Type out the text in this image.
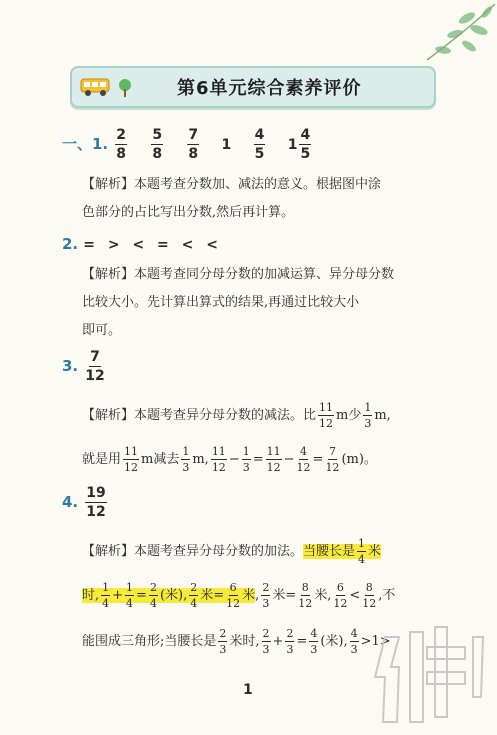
第6单元综合素养评价
一、1. $\frac{2}{8}$
$\frac{5}{8}$
$\frac{7}{8} 1 \frac{4}{5} 1 \frac{4}{5}$
【解析】本题考查分数加、减法的意义。根据图中涂
色部分的占比写出分数,然后再计算。
2. = > < = < <
【解析】本题考查同分母分数的加减运算、异分母分数
比较大小。先计算出算式的结果,再通过比较大小
即可。
3. $\frac{7}{12}$
【解析】本题考查异分母分数的减法。比 $\frac{11}{12}$ m少 $\frac{1}{3} m$,
就是用 $\frac{11}{12}$ m减去 $\frac{1}{3} m$, $\frac{11}{12} - \frac{1}{3} = \frac{11}{12} - \frac{4}{12} = \frac{7}{12} (m)$。
4. $\frac{19}{12}$
【解析】本题考查异分母分数的加法。当腰长是 $\frac{1}{4}$ 米
时, $\frac{1}{4} + \frac{1}{4} = \frac{2}{4}$ (米), $\frac{2}{4}$ 米= $\frac{6}{12}$ 米, $\frac{2}{3}$ 米= $\frac{8}{12}$ 米, $\frac{6}{12} < \frac{8}{12}$ ,不
能围成三角形;当腰长是 $\frac{2}{3}$ 米时, $\frac{2}{3} + \frac{2}{3} = \frac{4}{3}$ (米), $\frac{4}{3} >1>$
1
